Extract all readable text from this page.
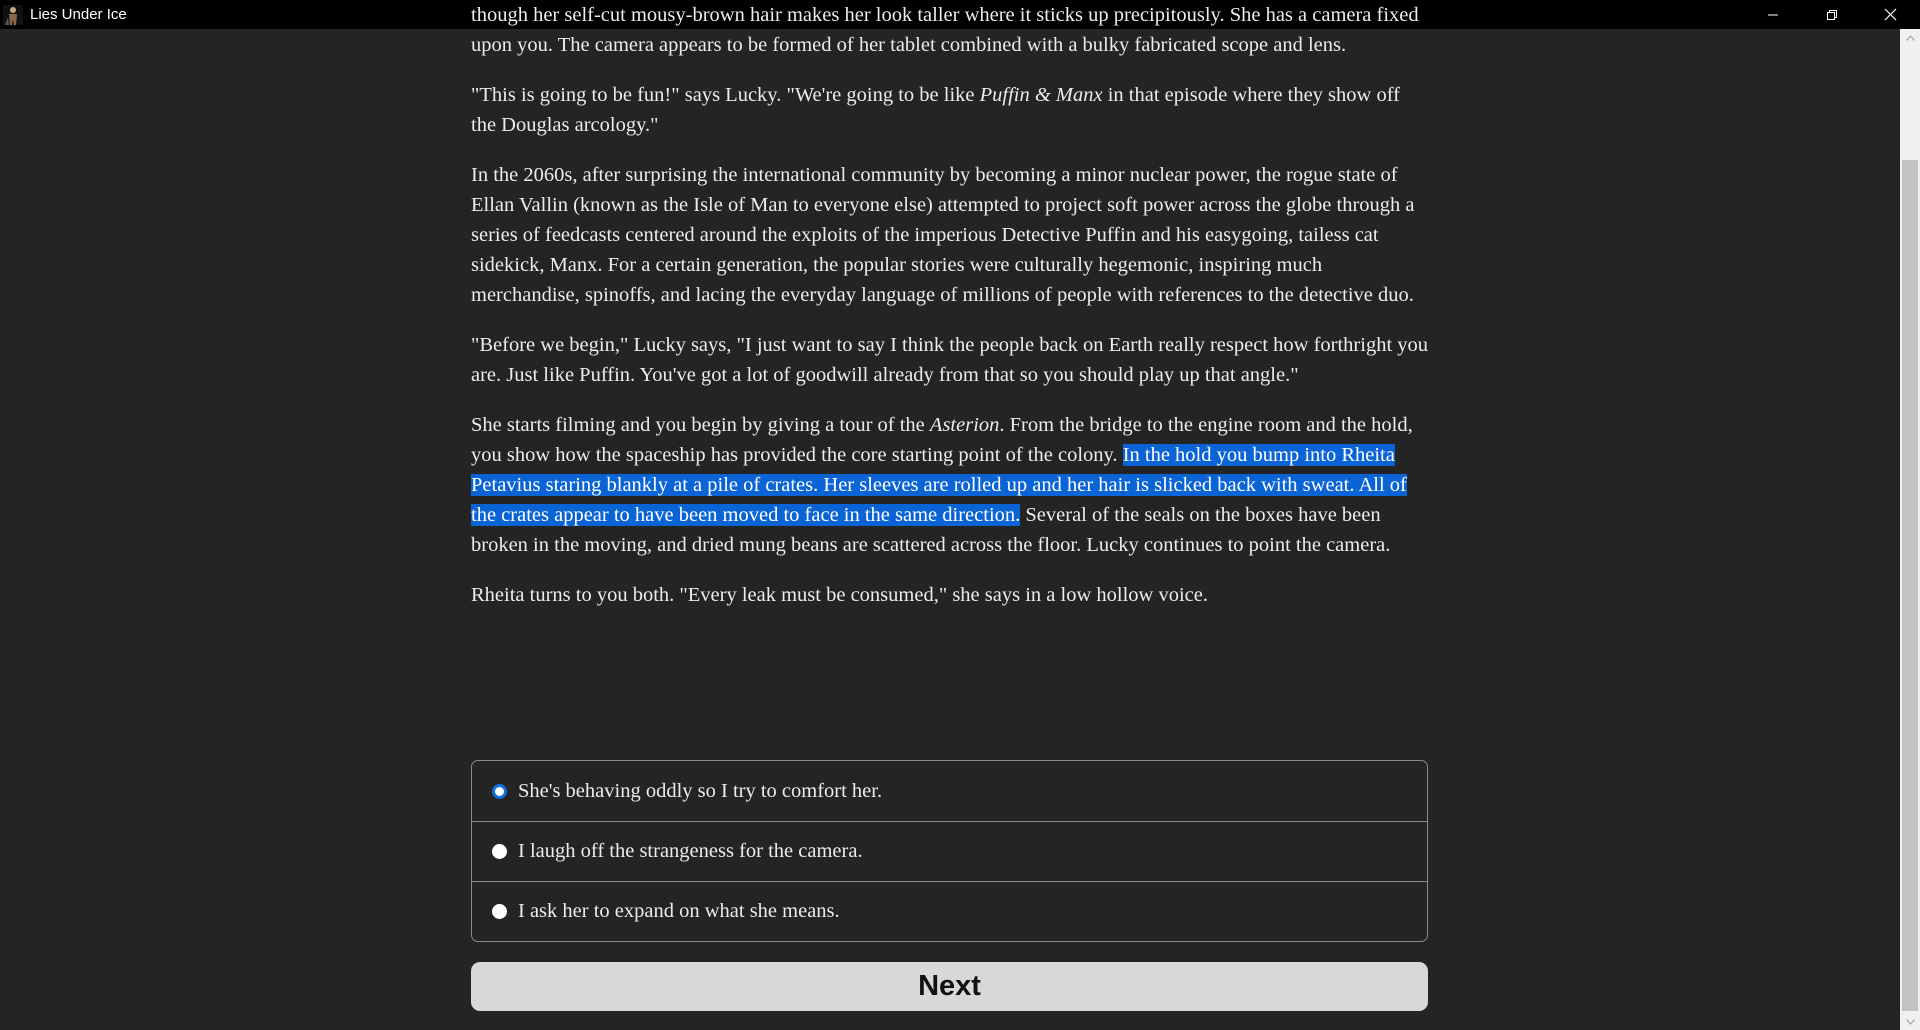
Lies Under Ice	though her self-cut mousy-brown hair makes her look taller where it sticks up precipitously. She has a camera fixed upon you. The camera appears to be formed of her tablet combined with a bulky fabricated scope and lens.

"This is going to be fun!" says Lucky. "We're going to be like Puffin & Manx in that episode where they show off the Douglas arcology."

In the 2060s, after surprising the international community by becoming a minor nuclear power, the rogue state of Ellan Vallin (known as the Isle of Man to everyone else) attempted to project soft power across the globe through a series of feedcasts centered around the exploits of the imperious Detective Puffin and his easygoing, tailess cat sidekick, Manx. For a certain generation, the popular stories were culturally hegemonic, inspiring much merchandise, spinoffs, and lacing the everyday language of millions of people with references to the detective duo.

"Before we begin," Lucky says, "I just want to say I think the people back on Earth really respect how forthright you are. Just like Puffin. You've got a lot of goodwill already from that so you should play up that angle."

She starts filming and you begin by giving a tour of the Asterion. From the bridge to the engine room and the hold, you show how the spaceship has provided the core starting point of the colony. In the hold you bump into Rheita Petavius staring blankly at a pile of crates. Her sleeves are rolled up and her hair is slicked back with sweat. All of the crates appear to have been moved to face in the same direction. Several of the seals on the boxes have been broken in the moving, and dried mung beans are scattered across the floor. Lucky continues to point the camera.

Rheita turns to you both. "Every leak must be consumed," she says in a low hollow voice.

She's behaving oddly so I try to comfort her.
I laugh off the strangeness for the camera.
I ask her to expand on what she means.
Next
